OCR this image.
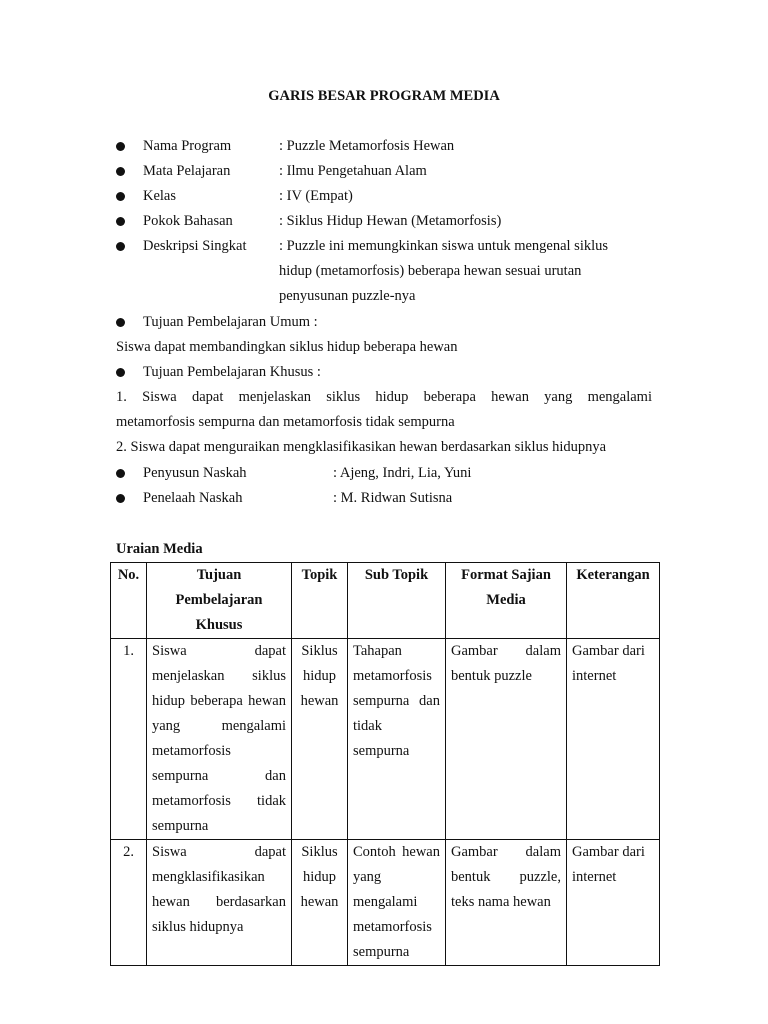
GARIS BESAR PROGRAM MEDIA
Nama Program	: Puzzle Metamorfosis Hewan
Mata Pelajaran	: Ilmu Pengetahuan Alam
Kelas	: IV (Empat)
Pokok Bahasan	: Siklus Hidup Hewan (Metamorfosis)
Deskripsi Singkat : Puzzle ini memungkinkan siswa untuk mengenal siklus
hidup (metamorfosis) beberapa hewan sesuai urutan
penyusunan puzzle-nya
Tujuan Pembelajaran Umum :
Siswa dapat membandingkan siklus hidup beberapa hewan
Tujuan Pembelajaran Khusus :
1. Siswa dapat menjelaskan siklus hidup beberapa hewan yang mengalami
metamorfosis sempurna dan metamorfosis tidak sempurna
2. Siswa dapat menguraikan mengklasifikasikan hewan berdasarkan siklus hidupnya
Penyusun Naskah	: Ajeng, Indri, Lia, Yuni
Penelaah Naskah	: M. Ridwan Sutisna
Uraian Media
No.	Tujuan Pembelajaran Khusus	Topik	Sub Topik	Format Sajian Media	Keterangan
1.	Siswa dapat menjelaskan siklus hidup beberapa hewan yang mengalami metamorfosis sempurna dan metamorfosis tidak sempurna	Siklus hidup hewan	Tahapan metamorfosis sempurna dan tidak sempurna	Gambar dalam bentuk puzzle	Gambar dari internet
2.	Siswa dapat mengklasifikasikan hewan berdasarkan siklus hidupnya	Siklus hidup hewan	Contoh hewan yang mengalami metamorfosis sempurna	Gambar dalam bentuk puzzle, teks nama hewan	Gambar dari internet
